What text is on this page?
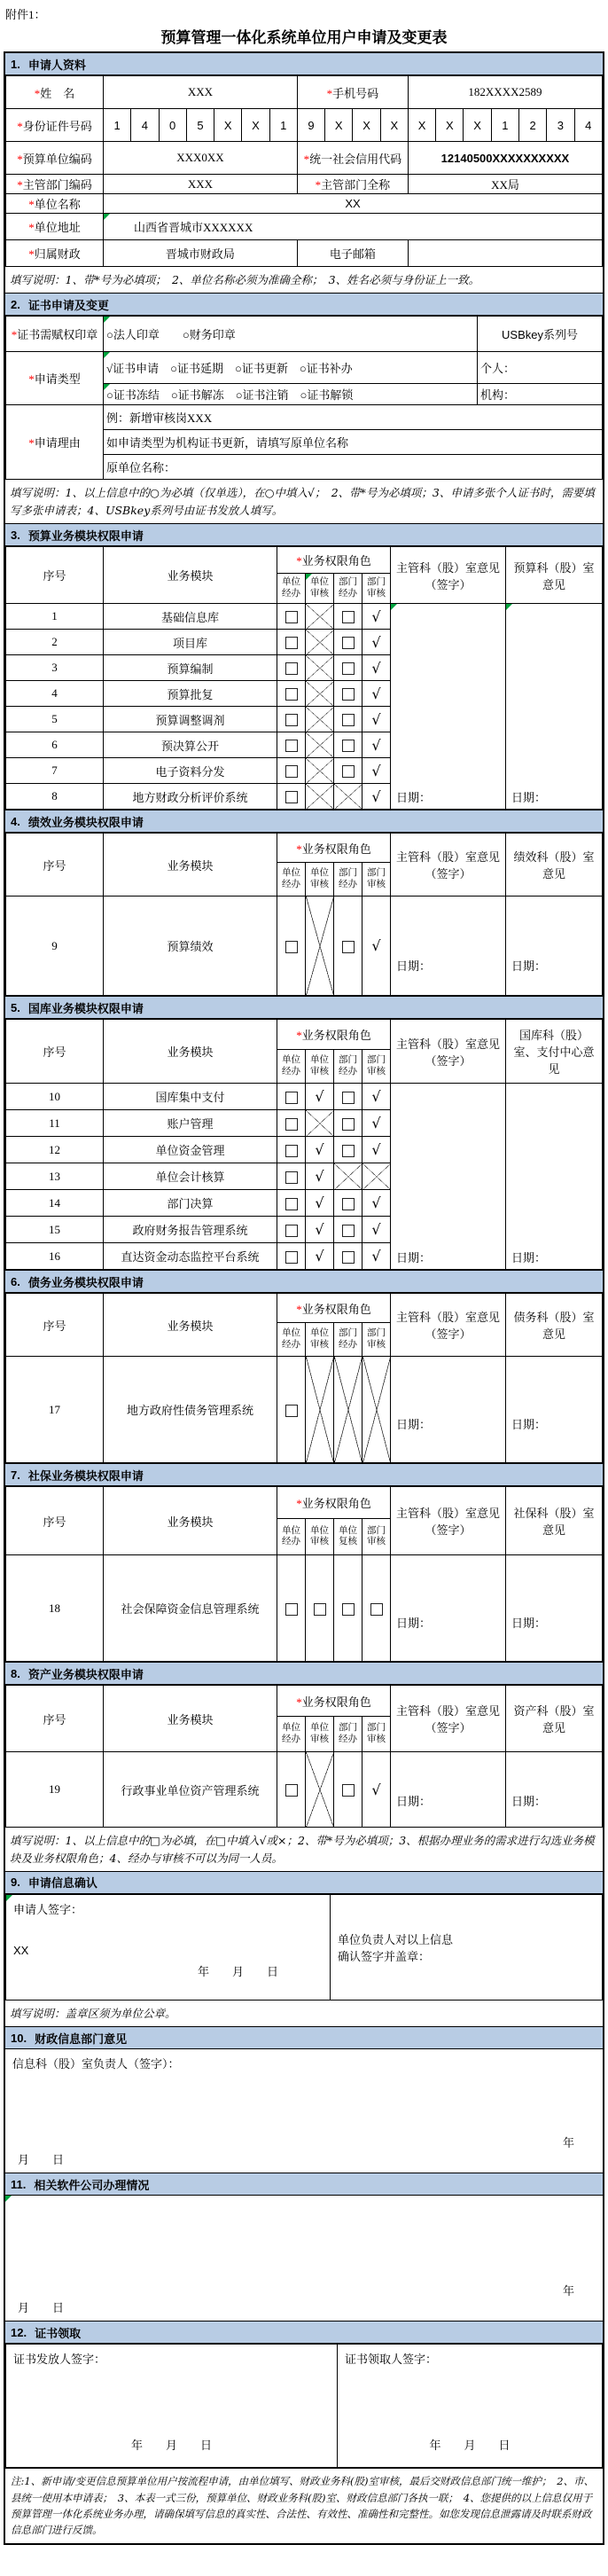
附件1：
预算管理一体化系统单位用户申请及变更表
1. 申请人资料
*姓　名	XXX							*手机号码				182XXXX2589						
*身份证件号码	1	4	0	5	X	X	1	9	X	X	X	X	X	X	1	2	3	4
*预算单位编码	XXX0XX							*统一社会信用代码				12140500XXXXXXXXXX						
*主管部门编码	XXX							*主管部门全称				XX局						
*单位名称	XX																	
*单位地址	山西省晋城市XXXXXX																	
*归属财政	晋城市财政局							电子邮箱										
填写说明：1、带*号为必填项；　2、单位名称必须为准确全称；　3、姓名必须与身份证上一致。
2. 证书申请及变更
*证书需赋权印章	○法人印章　　○财务印章	USBkey系列号
*申请类型	√证书申请　○证书延期　○证书更新　○证书补办	个人：
	○证书冻结　○证书解冻　○证书注销　○证书解锁	机构：
*申请理由	例：新增审核岗XXX	
	如申请类型为机构证书更新，请填写原单位名称	
	原单位名称：	
填写说明：1、以上信息中的○为必填（仅单选），在○中填入√；　2、带*号为必填项；3、申请多张个人证书时，需要填写多张申请表；4、USBkey系列号由证书发放人填写。
3. 预算业务模块权限申请
序号	业务模块	*业务权限角色				主管科（股）室意见
（签字）	预算科（股）室意见
		单位经办	单位审核	部门经办	部门审核		
1	基础信息库				√	日期：	日期：
2	项目库				√
3	预算编制				√
4	预算批复				√
5	预算调整调剂				√
6	预决算公开				√
7	电子资料分发				√
8	地方财政分析评价系统				√
4. 绩效业务模块权限申请
序号	业务模块	*业务权限角色				主管科（股）室意见
（签字）	绩效科（股）室意见
		单位经办	单位审核	部门经办	部门审核		
9	预算绩效				√	日期：	日期：
5. 国库业务模块权限申请
序号	业务模块	*业务权限角色				主管科（股）室意见
（签字）	国库科（股）室、支付中心意见
		单位经办	单位审核	部门经办	部门审核		
10	国库集中支付		√		√	日期：	日期：
11	账户管理				√
12	单位资金管理		√		√
13	单位会计核算		√		
14	部门决算		√		√
15	政府财务报告管理系统		√		√
16	直达资金动态监控平台系统		√		√
6. 债务业务模块权限申请
序号	业务模块	*业务权限角色				主管科（股）室意见
（签字）	债务科（股）室意见
		单位经办	单位审核	部门经办	部门审核		
17	地方政府性债务管理系统					日期：	日期：
7. 社保业务模块权限申请
序号	业务模块	*业务权限角色				主管科（股）室意见
（签字）	社保科（股）室意见
		单位经办	单位审核	单位复核	部门审核		
18	社会保障资金信息管理系统					日期：	日期：
8. 资产业务模块权限申请
序号	业务模块	*业务权限角色				主管科（股）室意见
（签字）	资产科（股）室意见
		单位经办	单位审核	部门经办	部门审核		
19	行政事业单位资产管理系统				√	日期：	日期：
填写说明：1、以上信息中的□为必填，在□中填入√或×；2、带*号为必填项；3、根据办理业务的需求进行勾选业务模块及业务权限角色；4、经办与审核不可以为同一人员。
9. 申请信息确认
申请人签字：
XX
年　　月　　日
	单位负责人对以上信息
确认签字并盖章：
填写说明：盖章区须为单位公章。
10. 财政信息部门意见
信息科（股）室负责人（签字）：
年
月　　日
11. 相关软件公司办理情况
年
月　　日
12. 证书领取
证书发放人签字：
年　　月　　日

证书领取人签字：
年　　月　　日
注:1、新申请/变更信息预算单位用户按流程申请，由单位填写、财政业务科(股)室审核，最后交财政信息部门统一维护；　2、市、县统一使用本申请表；　3、本表一式三份，预算单位、财政业务科(股)室、财政信息部门各执一联；　4、您提供的以上信息仅用于预算管理一体化系统业务办理，请确保填写信息的真实性、合法性、有效性、准确性和完整性。如您发现信息泄露请及时联系财政信息部门进行反馈。
